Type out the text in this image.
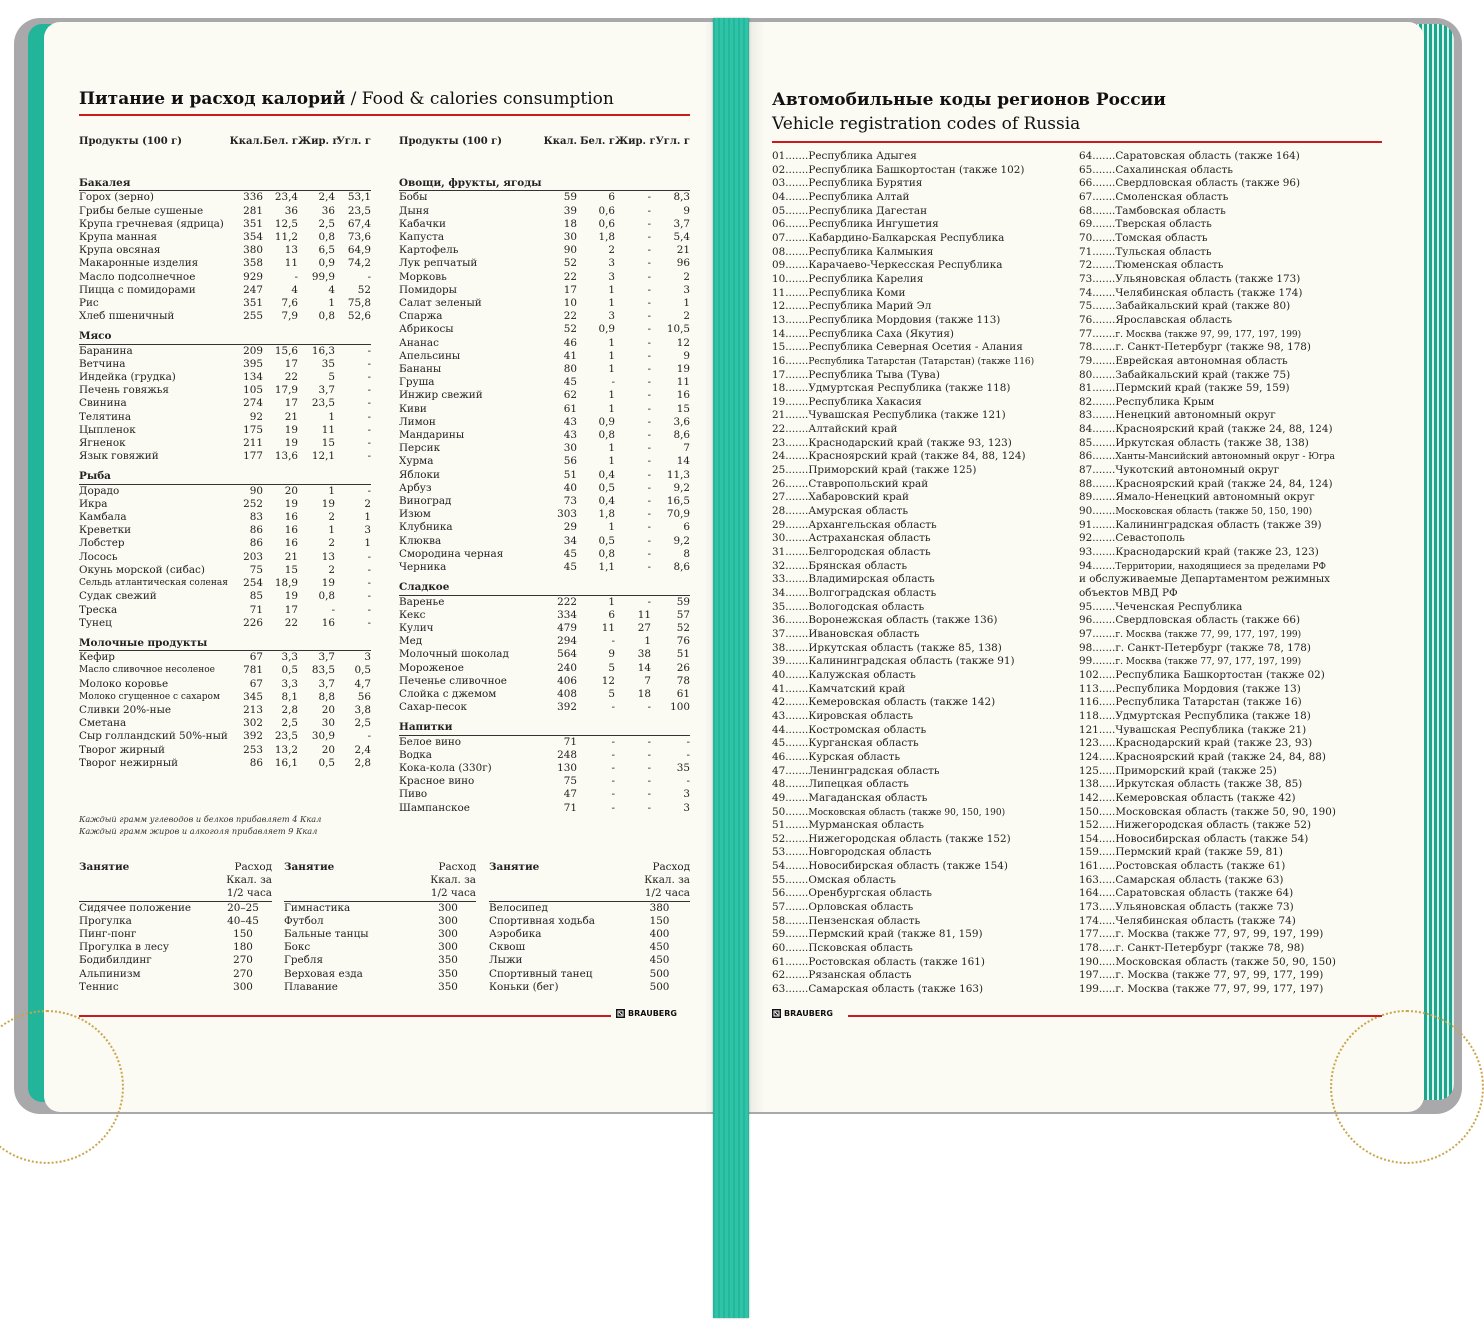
Питание и расход калорий / Food & calories consumption
Продукты (100 г)	Ккал.	Бел. г	Жир. г	Угл. г
Бакалея				
Горох (зерно)	336	23,4	2,4	53,1
Грибы белые сушеные	281	36	36	23,5
Крупа гречневая (ядрица)	351	12,5	2,5	67,4
Крупа манная	354	11,2	0,8	73,6
Крупа овсяная	380	13	6,5	64,9
Макаронные изделия	358	11	0,9	74,2
Масло подсолнечное	929	-	99,9	-
Пицца с помидорами	247	4	4	52
Рис	351	7,6	1	75,8
Хлеб пшеничный	255	7,9	0,8	52,6
Мясо				
Баранина	209	15,6	16,3	-
Ветчина	395	17	35	-
Индейка (грудка)	134	22	5	-
Печень говяжья	105	17,9	3,7	-
Свинина	274	17	23,5	-
Телятина	92	21	1	-
Цыпленок	175	19	11	-
Ягненок	211	19	15	-
Язык говяжий	177	13,6	12,1	-
Рыба				
Дорадо	90	20	1	-
Икра	252	19	19	2
Камбала	83	16	2	1
Креветки	86	16	1	3
Лобстер	86	16	2	1
Лосось	203	21	13	-
Окунь морской (сибас)	75	15	2	-
Сельдь атлантическая соленая	254	18,9	19	-
Судак свежий	85	19	0,8	-
Треска	71	17	-	-
Тунец	226	22	16	-
Молочные продукты				
Кефир	67	3,3	3,7	3
Масло сливочное несоленое	781	0,5	83,5	0,5
Молоко коровье	67	3,3	3,7	4,7
Молоко сгущенное с сахаром	345	8,1	8,8	56
Сливки 20%-ные	213	2,8	20	3,8
Сметана	302	2,5	30	2,5
Сыр голландский 50%-ный	392	23,5	30,9	-
Творог жирный	253	13,2	20	2,4
Творог нежирный	86	16,1	0,5	2,8
Продукты (100 г)	Ккал.	Бел. г	Жир. г	Угл. г
Овощи, фрукты, ягоды				
Бобы	59	6	-	8,3
Дыня	39	0,6	-	9
Кабачки	18	0,6	-	3,7
Капуста	30	1,8	-	5,4
Картофель	90	2	-	21
Лук репчатый	52	3	-	96
Морковь	22	3	-	2
Помидоры	17	1	-	3
Салат зеленый	10	1	-	1
Спаржа	22	3	-	2
Абрикосы	52	0,9	-	10,5
Ананас	46	1	-	12
Апельсины	41	1	-	9
Бананы	80	1	-	19
Груша	45	-	-	11
Инжир свежий	62	1	-	16
Киви	61	1	-	15
Лимон	43	0,9	-	3,6
Мандарины	43	0,8	-	8,6
Персик	30	1	-	7
Хурма	56	1	-	14
Яблоки	51	0,4	-	11,3
Арбуз	40	0,5	-	9,2
Виноград	73	0,4	-	16,5
Изюм	303	1,8	-	70,9
Клубника	29	1	-	6
Клюква	34	0,5	-	9,2
Смородина черная	45	0,8	-	8
Черника	45	1,1	-	8,6
Сладкое				
Варенье	222	1	-	59
Кекс	334	6	11	57
Кулич	479	11	27	52
Мед	294	-	1	76
Молочный шоколад	564	9	38	51
Мороженое	240	5	14	26
Печенье сливочное	406	12	7	78
Слойка с джемом	408	5	18	61
Сахар-песок	392	-	-	100
Напитки				
Белое вино	71	-	-	-
Водка	248	-	-	-
Кока-кола (330г)	130	-	-	35
Красное вино	75	-	-	-
Пиво	47	-	-	3
Шампанское	71	-	-	3
Каждый грамм углеводов и белков прибавляет 4 Ккал
Каждый грамм жиров и алкоголя прибавляет 9 Ккал
Занятие	Расход
Ккал. за
1/2 часа

Сидячее положение	20–25
Прогулка	40–45
Пинг-понг	150
Прогулка в лесу	180
Бодибилдинг	270
Альпинизм	270
Теннис	300
Занятие	Расход
Ккал. за
1/2 часа

Гимнастика	300
Футбол	300
Бальные танцы	300
Бокс	300
Гребля	350
Верховая езда	350
Плавание	350
Занятие	Расход
Ккал. за
1/2 часа

Велосипед	380
Спортивная ходьба	150
Аэробика	400
Сквош	450
Лыжи	450
Спортивный танец	500
Коньки (бег)	500
BRAUBERG
Автомобильные коды регионов России
Vehicle registration codes of Russia
01.......Республика Адыгея
02.......Республика Башкортостан (также 102)
03.......Республика Бурятия
04.......Республика Алтай
05.......Республика Дагестан
06.......Республика Ингушетия
07.......Кабардино-Балкарская Республика
08.......Республика Калмыкия
09.......Карачаево-Черкесская Республика
10.......Республика Карелия
11.......Республика Коми
12.......Республика Марий Эл
13.......Республика Мордовия (также 113)
14.......Республика Саха (Якутия)
15.......Республика Северная Осетия - Алания
16.......Республика Татарстан (Татарстан) (также 116)
17.......Республика Тыва (Тува)
18.......Удмуртская Республика (также 118)
19.......Республика Хакасия
21.......Чувашская Республика (также 121)
22.......Алтайский край
23.......Краснодарский край (также 93, 123)
24.......Красноярский край (также 84, 88, 124)
25.......Приморский край (также 125)
26.......Ставропольский край
27.......Хабаровский край
28.......Амурская область
29.......Архангельская область
30.......Астраханская область
31.......Белгородская область
32.......Брянская область
33.......Владимирская область
34.......Волгоградская область
35.......Вологодская область
36.......Воронежская область (также 136)
37.......Ивановская область
38.......Иркутская область (также 85, 138)
39.......Калининградская область (также 91)
40.......Калужская область
41.......Камчатский край
42.......Кемеровская область (также 142)
43.......Кировская область
44.......Костромская область
45.......Курганская область
46.......Курская область
47.......Ленинградская область
48.......Липецкая область
49.......Магаданская область
50.......Московская область (также 90, 150, 190)
51.......Мурманская область
52.......Нижегородская область (также 152)
53.......Новгородская область
54.......Новосибирская область (также 154)
55.......Омская область
56.......Оренбургская область
57.......Орловская область
58.......Пензенская область
59.......Пермский край (также 81, 159)
60.......Псковская область
61.......Ростовская область (также 161)
62.......Рязанская область
63.......Самарская область (также 163)
64.......Саратовская область (также 164)
65.......Сахалинская область
66.......Свердловская область (также 96)
67.......Смоленская область
68.......Тамбовская область
69.......Тверская область
70.......Томская область
71.......Тульская область
72.......Тюменская область
73.......Ульяновская область (также 173)
74.......Челябинская область (также 174)
75.......Забайкальский край (также 80)
76.......Ярославская область
77.......г. Москва (также 97, 99, 177, 197, 199)
78.......г. Санкт-Петербург (также 98, 178)
79.......Еврейская автономная область
80.......Забайкальский край (также 75)
81.......Пермский край (также 59, 159)
82.......Республика Крым
83.......Ненецкий автономный округ
84.......Красноярский край (также 24, 88, 124)
85.......Иркутская область (также 38, 138)
86.......Ханты-Мансийский автономный округ - Югра
87.......Чукотский автономный округ
88.......Красноярский край (также 24, 84, 124)
89.......Ямало-Ненецкий автономный округ
90.......Московская область (также 50, 150, 190)
91.......Калининградская область (также 39)
92.......Севастополь
93.......Краснодарский край (также 23, 123)
94.......Территории, находящиеся за пределами РФ
и обслуживаемые Департаментом режимных
объектов МВД РФ
95.......Чеченская Республика
96.......Свердловская область (также 66)
97.......г. Москва (также 77, 99, 177, 197, 199)
98.......г. Санкт-Петербург (также 78, 178)
99.......г. Москва (также 77, 97, 177, 197, 199)
102.....Республика Башкортостан (также 02)
113.....Республика Мордовия (также 13)
116.....Республика Татарстан (также 16)
118.....Удмуртская Республика (также 18)
121.....Чувашская Республика (также 21)
123.....Краснодарский край (также 23, 93)
124.....Красноярский край (также 24, 84, 88)
125.....Приморский край (также 25)
138.....Иркутская область (также 38, 85)
142.....Кемеровская область (также 42)
150.....Московская область (также 50, 90, 190)
152.....Нижегородская область (также 52)
154.....Новосибирская область (также 54)
159.....Пермский край (также 59, 81)
161.....Ростовская область (также 61)
163.....Самарская область (также 63)
164.....Саратовская область (также 64)
173.....Ульяновская область (также 73)
174.....Челябинская область (также 74)
177.....г. Москва (также 77, 97, 99, 197, 199)
178.....г. Санкт-Петербург (также 78, 98)
190.....Московская область (также 50, 90, 150)
197.....г. Москва (также 77, 97, 99, 177, 199)
199.....г. Москва (также 77, 97, 99, 177, 197)
BRAUBERG
